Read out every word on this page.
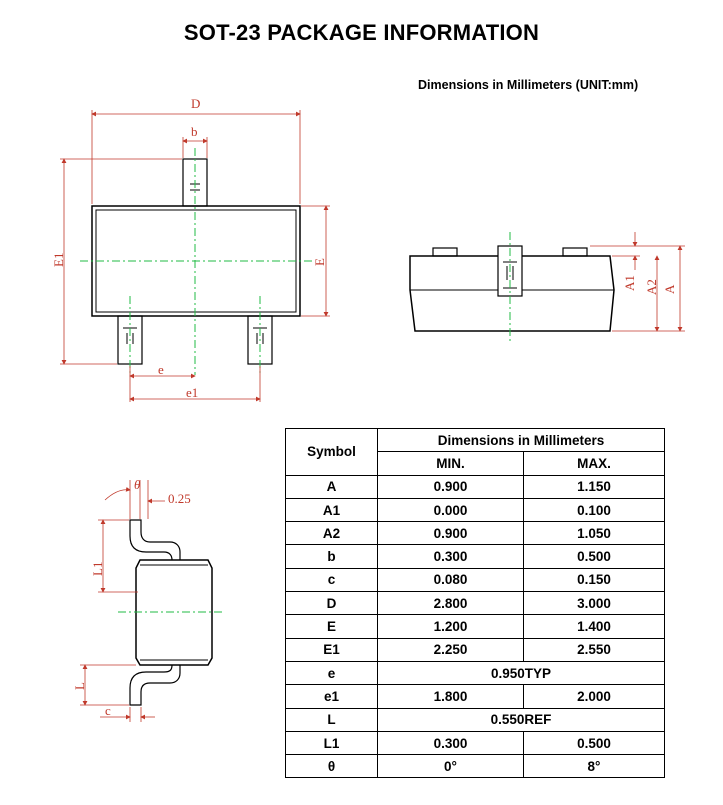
SOT-23 PACKAGE INFORMATION
Dimensions in Millimeters (UNIT:mm)
D
b
E1	E
e
e1
A1 A2 A
θ
0.25
L1
L
c
Symbol	Dimensions in Millimeters	
	MIN.	MAX.
A	0.900	1.150
A1	0.000	0.100
A2	0.900	1.050
b	0.300	0.500
c	0.080	0.150
D	2.800	3.000
E	1.200	1.400
E1	2.250	2.550
e	0.950TYP	
e1	1.800	2.000
L	0.550REF	
L1	0.300	0.500
θ	0°	8°
